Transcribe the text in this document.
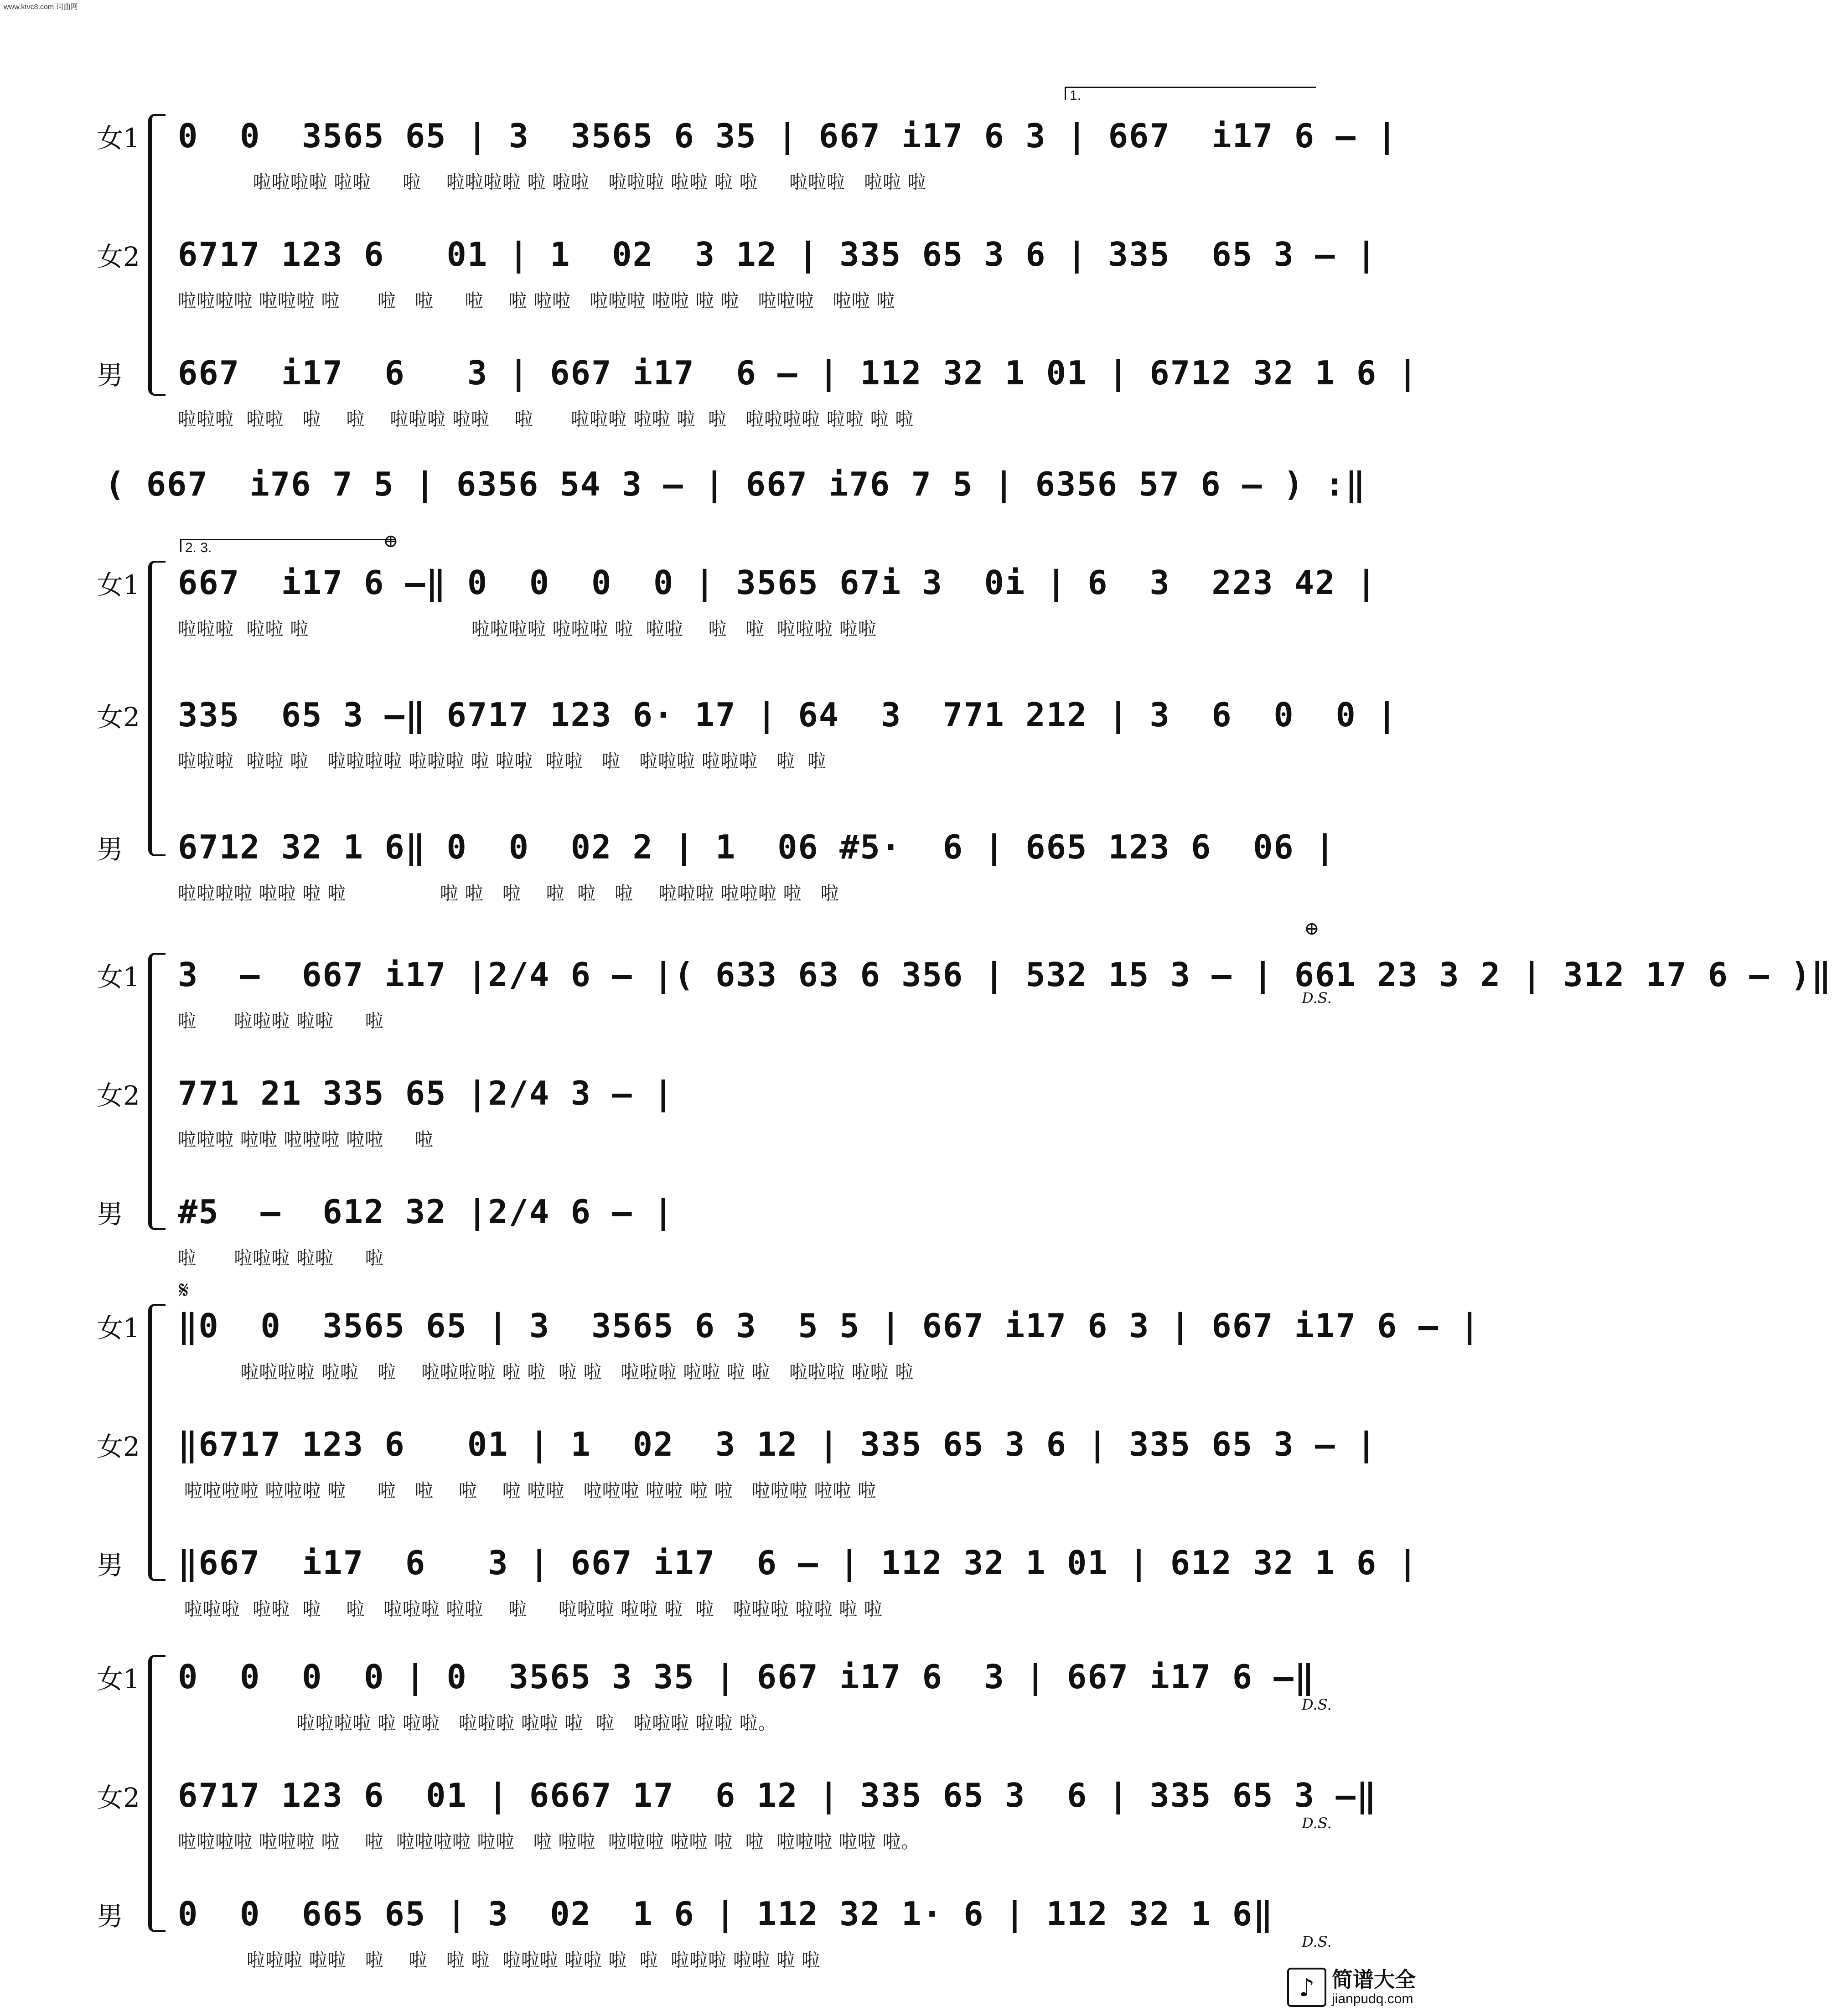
www.ktvc8.com 词曲网
1.
女1 0  0  3565 65 | 3  3565 6 35 | 667 i17 6 3 | 667  i17 6 – |
啦啦啦啦 啦啦     啦    啦啦啦啦 啦 啦啦   啦啦啦 啦啦 啦 啦     啦啦啦   啦啦 啦
女2 6717 123 6   01 | 1  02  3 12 | 335 65 3 6 | 335  65 3 – |
啦啦啦啦 啦啦啦 啦      啦   啦     啦    啦 啦啦   啦啦啦 啦啦 啦 啦   啦啦啦   啦啦 啦
男 667  i17  6   3 | 667 i17  6 – | 112 32 1 01 | 6712 32 1 6 |
啦啦啦  啦啦   啦    啦    啦啦啦 啦啦    啦      啦啦啦 啦啦 啦  啦   啦啦啦啦 啦啦 啦 啦
( 667  i76 7 5 | 6356 54 3 – | 667 i76 7 5 | 6356 57 6 – ) :‖
2. 3.	⊕
女1 667  i17 6 –‖ 0  0  0  0 | 3565 67i 3  0i | 6  3  223 42 |
啦啦啦  啦啦 啦                          啦啦啦啦 啦啦啦 啦  啦啦    啦   啦  啦啦啦 啦啦
女2 335  65 3 –‖ 6717 123 6· 17 | 64  3  771 212 | 3  6  0  0 |
啦啦啦  啦啦 啦   啦啦啦啦 啦啦啦 啦 啦啦  啦啦   啦   啦啦啦 啦啦啦   啦  啦
男 6712 32 1 6‖ 0  0  02 2 | 1  06 #5·  6 | 665 123 6  06 |
啦啦啦啦 啦啦 啦 啦               啦 啦   啦    啦  啦   啦    啦啦啦 啦啦啦 啦   啦
⊕
D.S.
女1 3  –  667 i17 |2/4 6 – |( 633 63 6 356 | 532 15 3 – | 661 23 3 2 | 312 17 6 – )‖
啦      啦啦啦 啦啦     啦
女2 771 21 335 65 |2/4 3 – |
啦啦啦 啦啦 啦啦啦 啦啦     啦
男 #5  –  612 32 |2/4 6 – |
啦      啦啦啦 啦啦     啦
𝄋
女1 ‖0  0  3565 65 | 3  3565 6 3  5 5 | 667 i17 6 3 | 667 i17 6 – |
啦啦啦啦 啦啦   啦    啦啦啦啦 啦 啦  啦 啦   啦啦啦 啦啦 啦 啦   啦啦啦 啦啦 啦
女2 ‖6717 123 6   01 | 1  02  3 12 | 335 65 3 6 | 335 65 3 – |
啦啦啦啦 啦啦啦 啦     啦   啦    啦    啦 啦啦   啦啦啦 啦啦 啦 啦   啦啦啦 啦啦 啦
男 ‖667  i17  6   3 | 667 i17  6 – | 112 32 1 01 | 612 32 1 6 |
啦啦啦  啦啦  啦    啦   啦啦啦 啦啦    啦     啦啦啦 啦啦 啦  啦   啦啦啦 啦啦 啦 啦
D.S.
D.S.
D.S.
女1 0  0  0  0 | 0  3565 3 35 | 667 i17 6  3 | 667 i17 6 –‖
啦啦啦啦 啦 啦啦   啦啦啦 啦啦 啦  啦   啦啦啦 啦啦 啦。
女2 6717 123 6  01 | 6667 17  6 12 | 335 65 3  6 | 335 65 3 –‖
啦啦啦啦 啦啦啦 啦    啦  啦啦啦啦 啦啦   啦 啦啦  啦啦啦 啦啦 啦  啦  啦啦啦 啦啦 啦。
男 0  0  665 65 | 3  02  1 6 | 112 32 1· 6 | 112 32 1 6‖
啦啦啦 啦啦   啦    啦   啦 啦  啦啦啦 啦啦 啦  啦  啦啦啦 啦啦 啦 啦
♪ 简谱大全
jianpudq.com
